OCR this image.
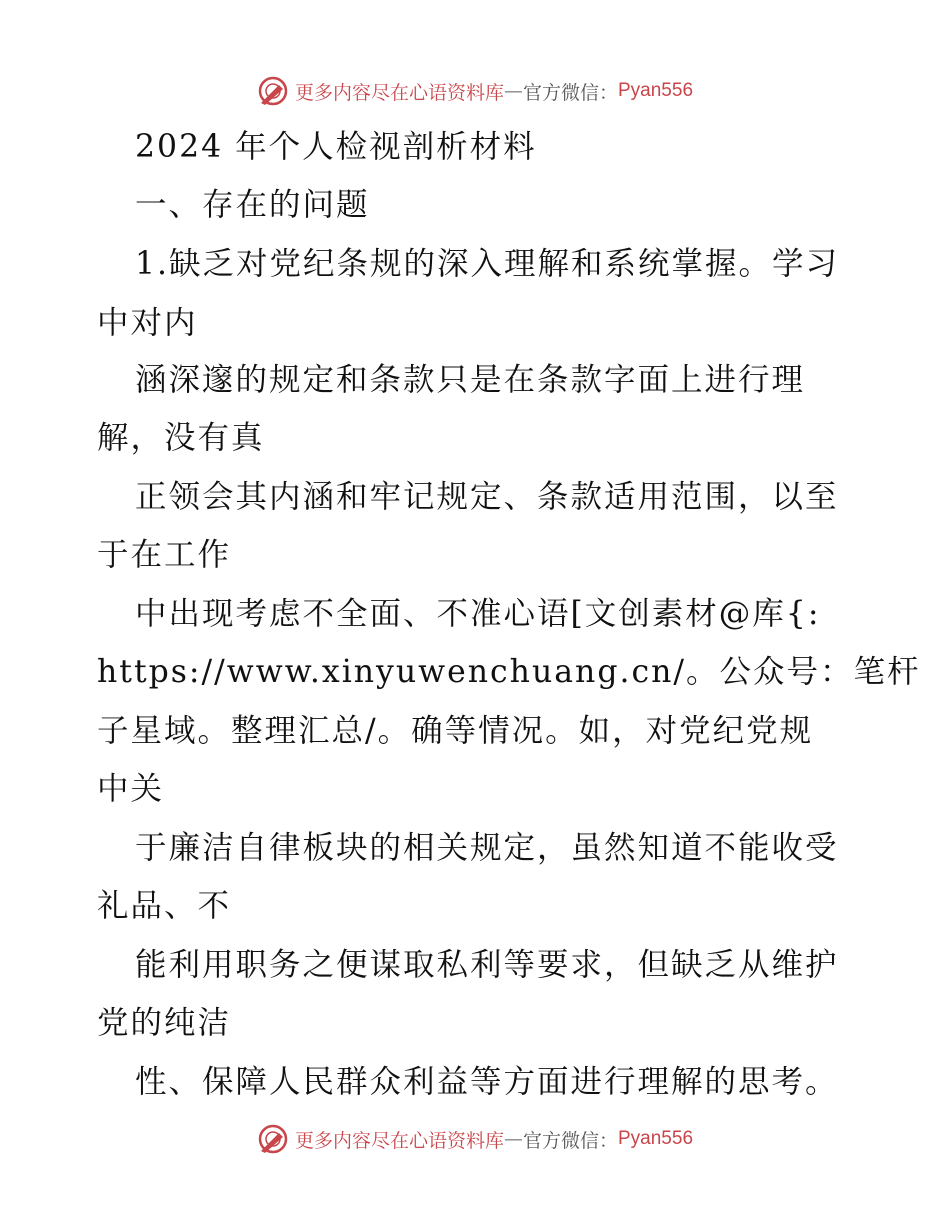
更多内容尽在心语资料库 — 官方微信： Pyan556
2024 年个人检视剖析材料
一、存在的问题
1.缺乏对党纪条规的深入理解和系统掌握。学习
中对内
涵深邃的规定和条款只是在条款字面上进行理
解，没有真
正领会其内涵和牢记规定、条款适用范围，以至
于在工作
中出现考虑不全面、不准心语[文创素材@库{:
https://www.xinyuwenchuang.cn/。公众号：笔杆
子星域。整理汇总/。确等情况。如，对党纪党规
中关
于廉洁自律板块的相关规定，虽然知道不能收受
礼品、不
能利用职务之便谋取私利等要求，但缺乏从维护
党的纯洁
性、保障人民群众利益等方面进行理解的思考。
更多内容尽在心语资料库 — 官方微信： Pyan556
